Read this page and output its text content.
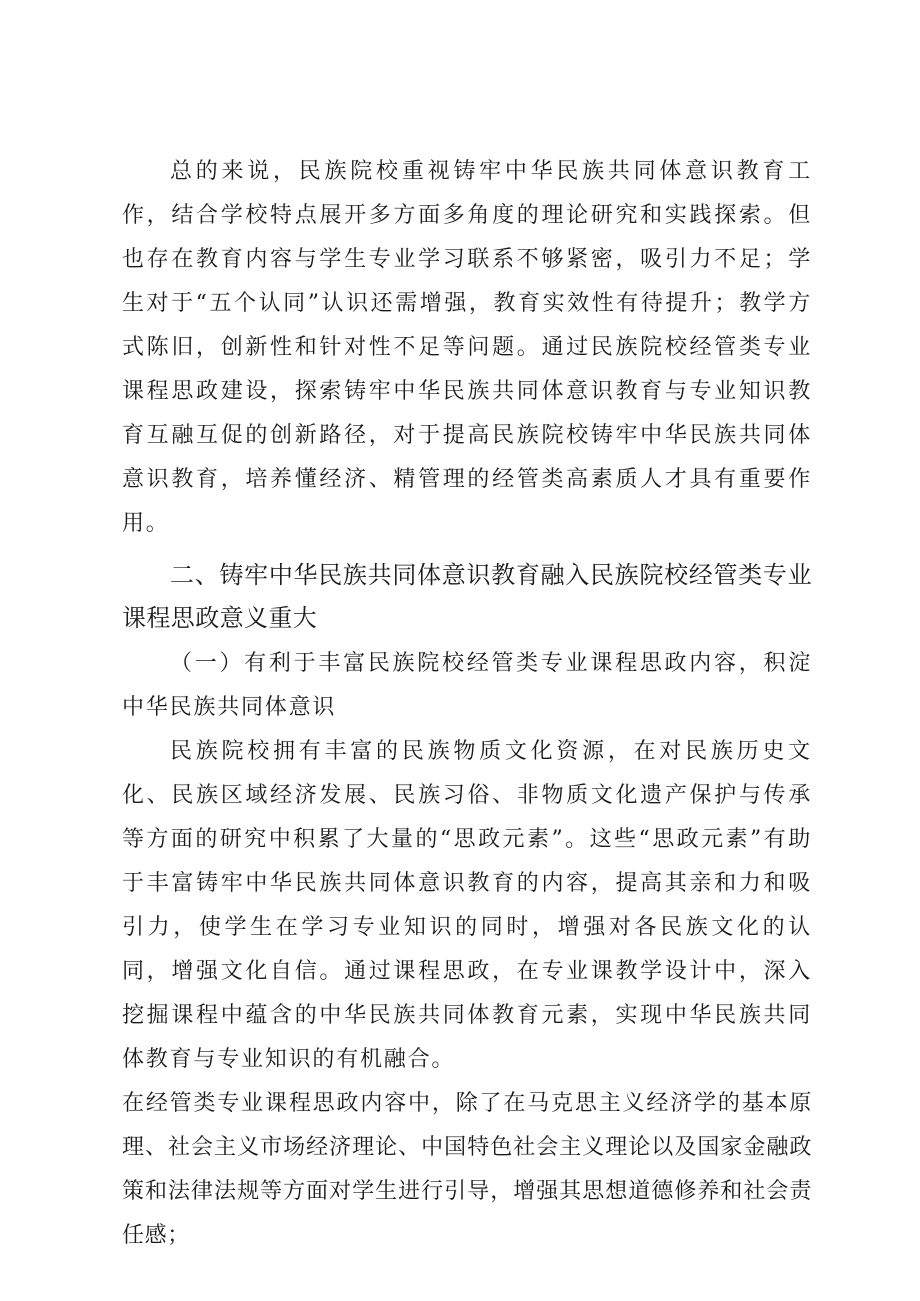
总的来说，民族院校重视铸牢中华民族共同体意识教育工作，结合学校特点展开多方面多角度的理论研究和实践探索。但也存在教育内容与学生专业学习联系不够紧密，吸引力不足；学生对于“五个认同”认识还需增强，教育实效性有待提升；教学方式陈旧，创新性和针对性不足等问题。通过民族院校经管类专业课程思政建设，探索铸牢中华民族共同体意识教育与专业知识教育互融互促的创新路径，对于提高民族院校铸牢中华民族共同体意识教育，培养懂经济、精管理的经管类高素质人才具有重要作用。

二、铸牢中华民族共同体意识教育融入民族院校经管类专业课程思政意义重大

（一）有利于丰富民族院校经管类专业课程思政内容，积淀中华民族共同体意识

民族院校拥有丰富的民族物质文化资源，在对民族历史文化、民族区域经济发展、民族习俗、非物质文化遗产保护与传承等方面的研究中积累了大量的“思政元素”。这些“思政元素”有助于丰富铸牢中华民族共同体意识教育的内容，提高其亲和力和吸引力，使学生在学习专业知识的同时，增强对各民族文化的认同，增强文化自信。通过课程思政，在专业课教学设计中，深入挖掘课程中蕴含的中华民族共同体教育元素，实现中华民族共同体教育与专业知识的有机融合。

在经管类专业课程思政内容中，除了在马克思主义经济学的基本原理、社会主义市场经济理论、中国特色社会主义理论以及国家金融政策和法律法规等方面对学生进行引导，增强其思想道德修养和社会责任感；
